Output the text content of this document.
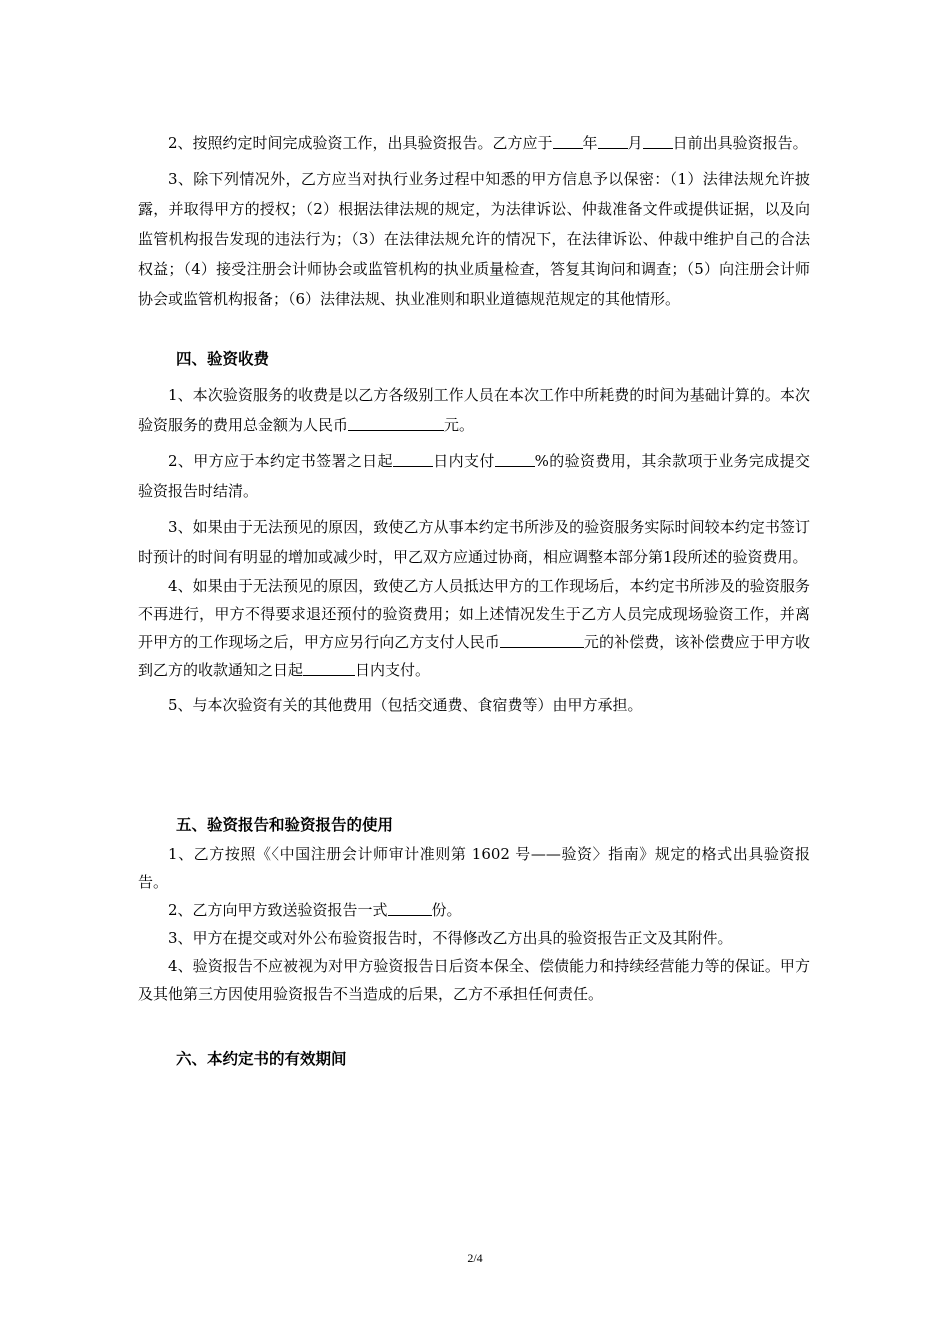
2、按照约定时间完成验资工作，出具验资报告。乙方应于 年 月 日前出具验资报告。

3、除下列情况外，乙方应当对执行业务过程中知悉的甲方信息予以保密：（1）法律法规允许披露，并取得甲方的授权；（2）根据法律法规的规定，为法律诉讼、仲裁准备文件或提供证据，以及向监管机构报告发现的违法行为；（3）在法律法规允许的情况下，在法律诉讼、仲裁中维护自己的合法权益；（4）接受注册会计师协会或监管机构的执业质量检查，答复其询问和调查；（5）向注册会计师协会或监管机构报备；（6）法律法规、执业准则和职业道德规范规定的其他情形。

四、验资收费

1、本次验资服务的收费是以乙方各级别工作人员在本次工作中所耗费的时间为基础计算的。本次验资服务的费用总金额为人民币	元。

2、甲方应于本约定书签署之日起	日内支付	%的验资费用，其余款项于业务完成提交验资报告时结清。

3、如果由于无法预见的原因，致使乙方从事本约定书所涉及的验资服务实际时间较本约定书签订时预计的时间有明显的增加或减少时，甲乙双方应通过协商，相应调整本部分第1段所述的验资费用。

4、如果由于无法预见的原因，致使乙方人员抵达甲方的工作现场后，本约定书所涉及的验资服务不再进行，甲方不得要求退还预付的验资费用；如上述情况发生于乙方人员完成现场验资工作，并离开甲方的工作现场之后，甲方应另行向乙方支付人民币	元的补偿费，该补偿费应于甲方收到乙方的收款通知之日起	日内支付。

5、与本次验资有关的其他费用（包括交通费、食宿费等）由甲方承担。

五、验资报告和验资报告的使用

1、乙方按照《〈中国注册会计师审计准则第 1602 号——验资〉指南》规定的格式出具验资报告。

2、乙方向甲方致送验资报告一式	份。

3、甲方在提交或对外公布验资报告时，不得修改乙方出具的验资报告正文及其附件。

4、验资报告不应被视为对甲方验资报告日后资本保全、偿债能力和持续经营能力等的保证。甲方及其他第三方因使用验资报告不当造成的后果，乙方不承担任何责任。

六、本约定书的有效期间

2/4
